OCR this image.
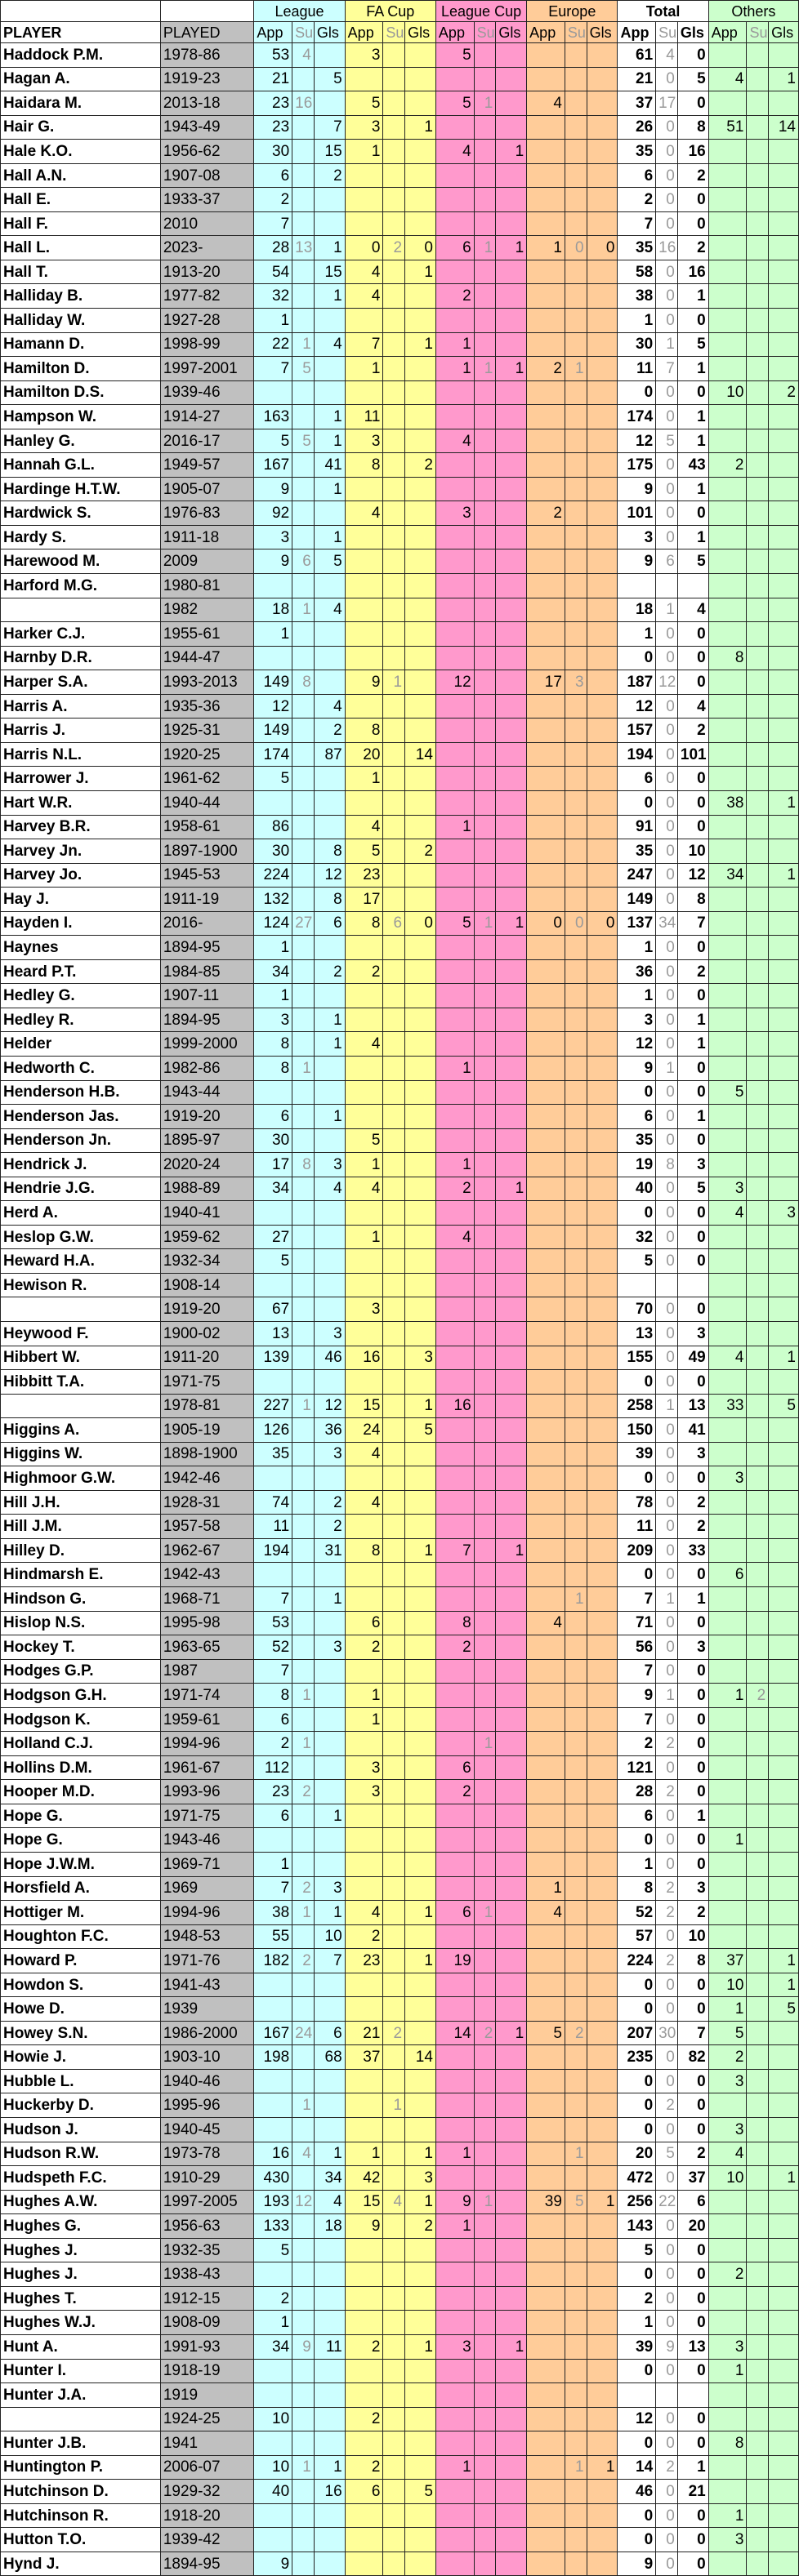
		League			FA Cup			League Cup			Europe			Total			Others		
PLAYER	PLAYED	App	Su	Gls	App	Su	Gls	App	Su	Gls	App	Su	Gls	App	Su	Gls	App	Su	Gls
Haddock P.M.	1978-86	53	4		3			5						61	4	0			
Hagan A.	1919-23	21		5										21	0	5	4		1
Haidara M.	2013-18	23	16		5			5	1		4			37	17	0			
Hair G.	1943-49	23		7	3		1							26	0	8	51		14
Hale K.O.	1956-62	30		15	1			4		1				35	0	16			
Hall A.N.	1907-08	6		2										6	0	2			
Hall E.	1933-37	2												2	0	0			
Hall F.	2010	7												7	0	0			
Hall L.	2023-	28	13	1	0	2	0	6	1	1	1	0	0	35	16	2			
Hall T.	1913-20	54		15	4		1							58	0	16			
Halliday B.	1977-82	32		1	4			2						38	0	1			
Halliday W.	1927-28	1												1	0	0			
Hamann D.	1998-99	22	1	4	7		1	1						30	1	5			
Hamilton D.	1997-2001	7	5		1			1	1	1	2	1		11	7	1			
Hamilton D.S.	1939-46													0	0	0	10		2
Hampson W.	1914-27	163		1	11									174	0	1			
Hanley G.	2016-17	5	5	1	3			4						12	5	1			
Hannah G.L.	1949-57	167		41	8		2							175	0	43	2		
Hardinge H.T.W.	1905-07	9		1										9	0	1			
Hardwick S.	1976-83	92			4			3			2			101	0	0			
Hardy S.	1911-18	3		1										3	0	1			
Harewood M.	2009	9	6	5										9	6	5			
Harford M.G.	1980-81																		
	1982	18	1	4										18	1	4			
Harker C.J.	1955-61	1												1	0	0			
Harnby D.R.	1944-47													0	0	0	8		
Harper S.A.	1993-2013	149	8		9	1		12			17	3		187	12	0			
Harris A.	1935-36	12		4										12	0	4			
Harris J.	1925-31	149		2	8									157	0	2			
Harris N.L.	1920-25	174		87	20		14							194	0	101			
Harrower J.	1961-62	5			1									6	0	0			
Hart W.R.	1940-44													0	0	0	38		1
Harvey B.R.	1958-61	86			4			1						91	0	0			
Harvey Jn.	1897-1900	30		8	5		2							35	0	10			
Harvey Jo.	1945-53	224		12	23									247	0	12	34		1
Hay J.	1911-19	132		8	17									149	0	8			
Hayden I.	2016-	124	27	6	8	6	0	5	1	1	0	0	0	137	34	7			
Haynes	1894-95	1												1	0	0			
Heard P.T.	1984-85	34		2	2									36	0	2			
Hedley G.	1907-11	1												1	0	0			
Hedley R.	1894-95	3		1										3	0	1			
Helder	1999-2000	8		1	4									12	0	1			
Hedworth C.	1982-86	8	1					1						9	1	0			
Henderson H.B.	1943-44													0	0	0	5		
Henderson Jas.	1919-20	6		1										6	0	1			
Henderson Jn.	1895-97	30			5									35	0	0			
Hendrick J.	2020-24	17	8	3	1			1						19	8	3			
Hendrie J.G.	1988-89	34		4	4			2		1				40	0	5	3		
Herd A.	1940-41													0	0	0	4		3
Heslop G.W.	1959-62	27			1			4						32	0	0			
Heward H.A.	1932-34	5												5	0	0			
Hewison R.	1908-14																		
	1919-20	67			3									70	0	0			
Heywood F.	1900-02	13		3										13	0	3			
Hibbert W.	1911-20	139		46	16		3							155	0	49	4		1
Hibbitt T.A.	1971-75													0	0	0			
	1978-81	227	1	12	15		1	16						258	1	13	33		5
Higgins A.	1905-19	126		36	24		5							150	0	41			
Higgins W.	1898-1900	35		3	4									39	0	3			
Highmoor G.W.	1942-46													0	0	0	3		
Hill J.H.	1928-31	74		2	4									78	0	2			
Hill J.M.	1957-58	11		2										11	0	2			
Hilley D.	1962-67	194		31	8		1	7		1				209	0	33			
Hindmarsh E.	1942-43													0	0	0	6		
Hindson G.	1968-71	7		1								1		7	1	1			
Hislop N.S.	1995-98	53			6			8			4			71	0	0			
Hockey T.	1963-65	52		3	2			2						56	0	3			
Hodges G.P.	1987	7												7	0	0			
Hodgson G.H.	1971-74	8	1		1									9	1	0	1	2	
Hodgson K.	1959-61	6			1									7	0	0			
Holland C.J.	1994-96	2	1						1					2	2	0			
Hollins D.M.	1961-67	112			3			6						121	0	0			
Hooper M.D.	1993-96	23	2		3			2						28	2	0			
Hope G.	1971-75	6		1										6	0	1			
Hope G.	1943-46													0	0	0	1		
Hope J.W.M.	1969-71	1												1	0	0			
Horsfield A.	1969	7	2	3							1			8	2	3			
Hottiger M.	1994-96	38	1	1	4		1	6	1		4			52	2	2			
Houghton F.C.	1948-53	55		10	2									57	0	10			
Howard P.	1971-76	182	2	7	23		1	19						224	2	8	37		1
Howdon S.	1941-43													0	0	0	10		1
Howe D.	1939													0	0	0	1		5
Howey S.N.	1986-2000	167	24	6	21	2		14	2	1	5	2		207	30	7	5		
Howie J.	1903-10	198		68	37		14							235	0	82	2		
Hubble L.	1940-46													0	0	0	3		
Huckerby D.	1995-96		1			1								0	2	0			
Hudson J.	1940-45													0	0	0	3		
Hudson R.W.	1973-78	16	4	1	1		1	1				1		20	5	2	4		
Hudspeth F.C.	1910-29	430		34	42		3							472	0	37	10		1
Hughes A.W.	1997-2005	193	12	4	15	4	1	9	1		39	5	1	256	22	6			
Hughes G.	1956-63	133		18	9		2	1						143	0	20			
Hughes J.	1932-35	5												5	0	0			
Hughes J.	1938-43													0	0	0	2		
Hughes T.	1912-15	2												2	0	0			
Hughes W.J.	1908-09	1												1	0	0			
Hunt A.	1991-93	34	9	11	2		1	3		1				39	9	13	3		
Hunter I.	1918-19													0	0	0	1		
Hunter J.A.	1919																		
	1924-25	10			2									12	0	0			
Hunter J.B.	1941													0	0	0	8		
Huntington P.	2006-07	10	1	1	2			1				1	1	14	2	1			
Hutchinson D.	1929-32	40		16	6		5							46	0	21			
Hutchinson R.	1918-20													0	0	0	1		
Hutton T.O.	1939-42													0	0	0	3		
Hynd J.	1894-95	9												9	0	0			
